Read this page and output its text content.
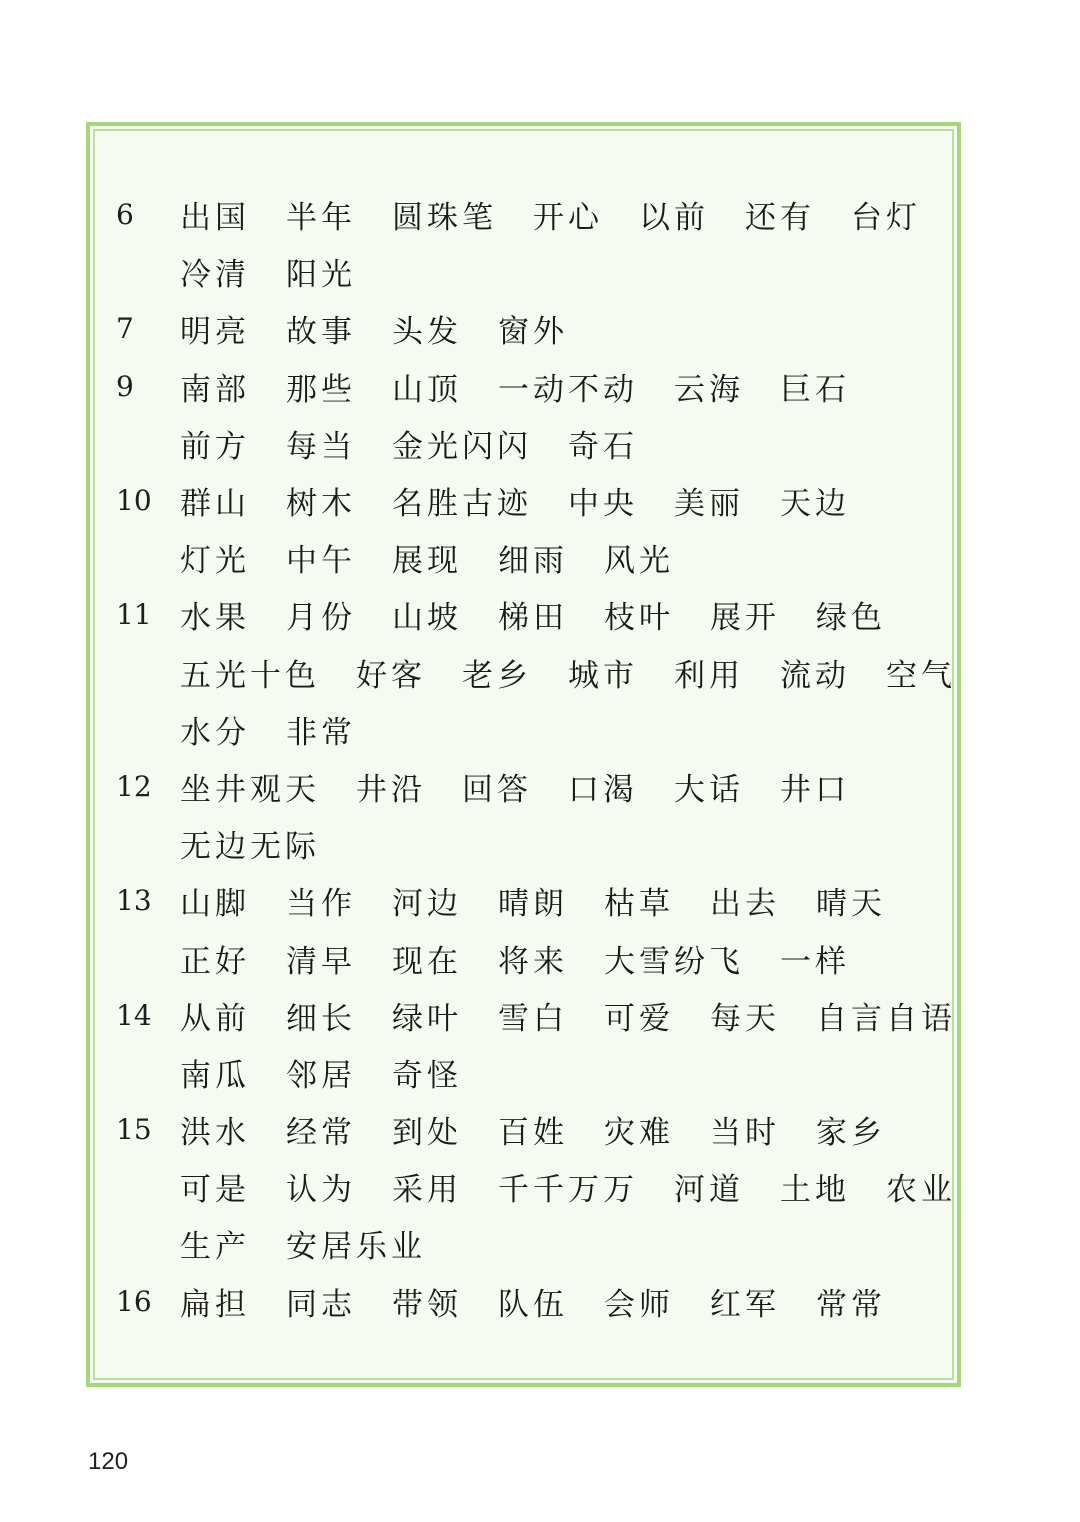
6	出国 半年 圆珠笔 开心 以前 还有 台灯
冷清 阳光
7	明亮 故事 头发 窗外
9	南部 那些 山顶 一动不动 云海 巨石
前方 每当 金光闪闪 奇石
10 群山 树木 名胜古迹 中央 美丽 天边
灯光 中午 展现 细雨 风光
11 水果 月份 山坡 梯田 枝叶 展开 绿色
五光十色 好客 老乡 城市 利用 流动 空气
水分 非常
12 坐井观天 井沿 回答 口渴 大话 井口
无边无际
13 山脚 当作 河边 晴朗 枯草 出去 晴天
正好 清早 现在 将来 大雪纷飞 一样
14 从前 细长 绿叶 雪白 可爱 每天 自言自语
南瓜 邻居 奇怪
15 洪水 经常 到处 百姓 灾难 当时 家乡
可是 认为 采用 千千万万 河道 土地 农业
生产 安居乐业
16 扁担 同志 带领 队伍 会师 红军 常常
120
